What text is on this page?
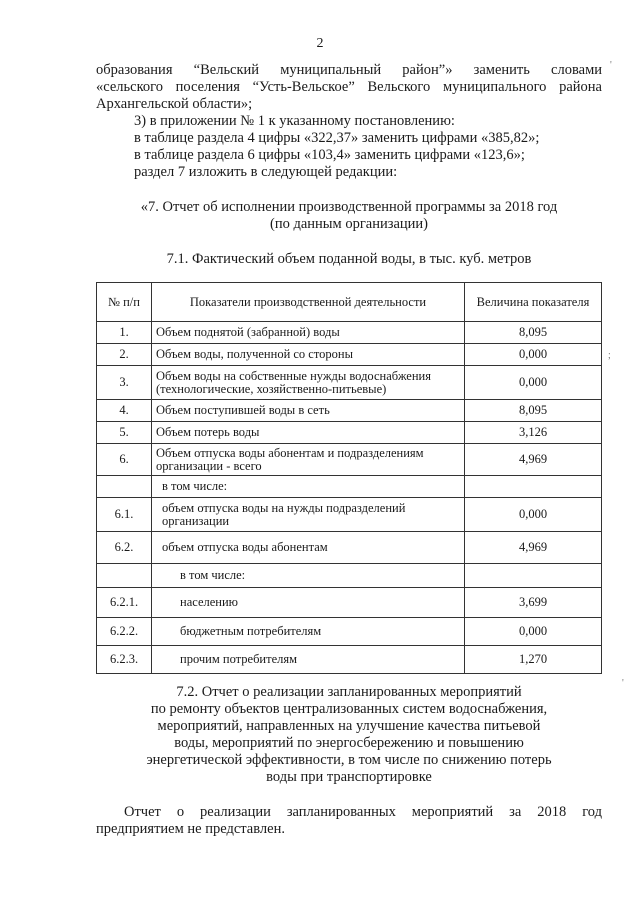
2
образования “Вельский муниципальный район”» заменить словами
«сельского поселения “Усть-Вельское” Вельского муниципального района
Архангельской области»;
3) в приложении № 1 к указанному постановлению:
в таблице раздела 4 цифры «322,37» заменить цифрами «385,82»;
в таблице раздела 6 цифры «103,4» заменить цифрами «123,6»;
раздел 7 изложить в следующей редакции:
«7. Отчет об исполнении производственной программы за 2018 год
(по данным организации)
7.1. Фактический объем поданной воды, в тыс. куб. метров
№ п/п	Показатели производственной деятельности	Величина показателя
1.	Объем поднятой (забранной) воды	8,095
2.	Объем воды, полученной со стороны	0,000
3.	Объем воды на собственные нужды водоснабжения (технологические, хозяйственно-питьевые)	0,000
4.	Объем поступившей воды в сеть	8,095
5.	Объем потерь воды	3,126
6.	Объем отпуска воды абонентам и подразделениям организации - всего	4,969
	в том числе:	
6.1.	объем отпуска воды на нужды подразделений организации	0,000
6.2.	объем отпуска воды абонентам	4,969
	в том числе:	
6.2.1.	населению	3,699
6.2.2.	бюджетным потребителям	0,000
6.2.3.	прочим потребителям	1,270
7.2. Отчет о реализации запланированных мероприятий
по ремонту объектов централизованных систем водоснабжения,
мероприятий, направленных на улучшение качества питьевой
воды, мероприятий по энергосбережению и повышению
энергетической эффективности, в том числе по снижению потерь
воды при транспортировке
Отчет о реализации запланированных мероприятий за 2018 год
предприятием не представлен.
'
;
'
